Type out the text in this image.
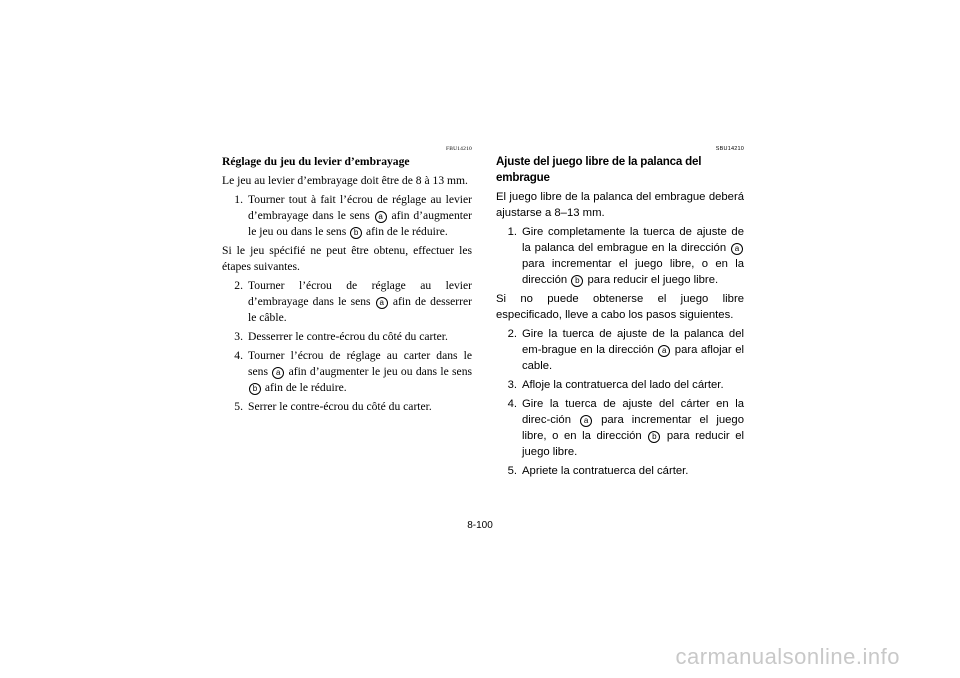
FBU14210
Réglage du jeu du levier d’embrayage

Le jeu au levier d’embrayage doit être de 8 à 13 mm.

1. Tourner tout à fait l’écrou de réglage au levier d’embrayage dans le sens a afin d’augmenter le jeu ou dans le sens b afin de le réduire.

Si le jeu spécifié ne peut être obtenu, effectuer les étapes suivantes.

2. Tourner l’écrou de réglage au levier d’embrayage dans le sens a afin de desserrer le câble.
3. Desserrer le contre-écrou du côté du carter.
4. Tourner l’écrou de réglage au carter dans le sens a afin d’augmenter le jeu ou dans le sens b afin de le réduire.
5. Serrer le contre-écrou du côté du carter.
SBU14210
Ajuste del juego libre de la palanca del embrague

El juego libre de la palanca del embrague deberá ajustarse a 8–13 mm.

1. Gire completamente la tuerca de ajuste de la palanca del embrague en la dirección a para incrementar el juego libre, o en la dirección b para reducir el juego libre.

Si no puede obtenerse el juego libre especificado, lleve a cabo los pasos siguientes.

2. Gire la tuerca de ajuste de la palanca del em-brague en la dirección a para aflojar el cable.
3. Afloje la contratuerca del lado del cárter.
4. Gire la tuerca de ajuste del cárter en la direc-ción a para incrementar el juego libre, o en la dirección b para reducir el juego libre.
5. Apriete la contratuerca del cárter.
8-100
carmanualsonline.info
